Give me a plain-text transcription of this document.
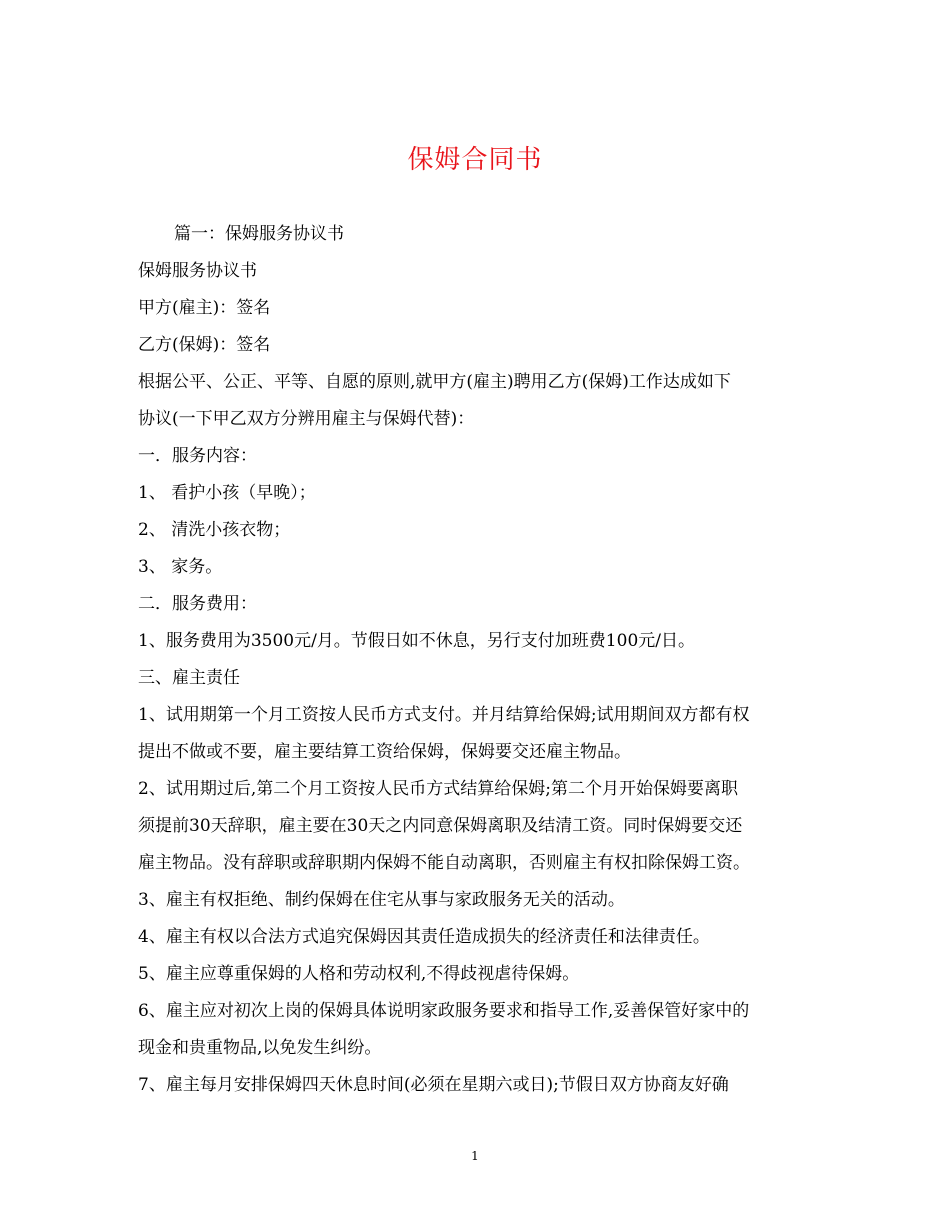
保姆合同书

篇一：保姆服务协议书

保姆服务协议书

甲方(雇主)：签名

乙方(保姆)：签名

根据公平、公正、平等、自愿的原则,就甲方(雇主)聘用乙方(保姆)工作达成如下

协议(一下甲乙双方分辨用雇主与保姆代替)：

一．服务内容：

1、 看护小孩（早晚）；

2、 清洗小孩衣物；

3、 家务。

二．服务费用：

1、服务费用为3500元/月。节假日如不休息，另行支付加班费100元/日。

三、雇主责任

1、试用期第一个月工资按人民币方式支付。并月结算给保姆;试用期间双方都有权

提出不做或不要，雇主要结算工资给保姆，保姆要交还雇主物品。

2、试用期过后,第二个月工资按人民币方式结算给保姆;第二个月开始保姆要离职

须提前30天辞职，雇主要在30天之内同意保姆离职及结清工资。同时保姆要交还

雇主物品。没有辞职或辞职期内保姆不能自动离职，否则雇主有权扣除保姆工资。

3、雇主有权拒绝、制约保姆在住宅从事与家政服务无关的活动。

4、雇主有权以合法方式追究保姆因其责任造成损失的经济责任和法律责任。

5、雇主应尊重保姆的人格和劳动权利,不得歧视虐待保姆。

6、雇主应对初次上岗的保姆具体说明家政服务要求和指导工作,妥善保管好家中的

现金和贵重物品,以免发生纠纷。

7、雇主每月安排保姆四天休息时间(必须在星期六或日);节假日双方协商友好确

1
